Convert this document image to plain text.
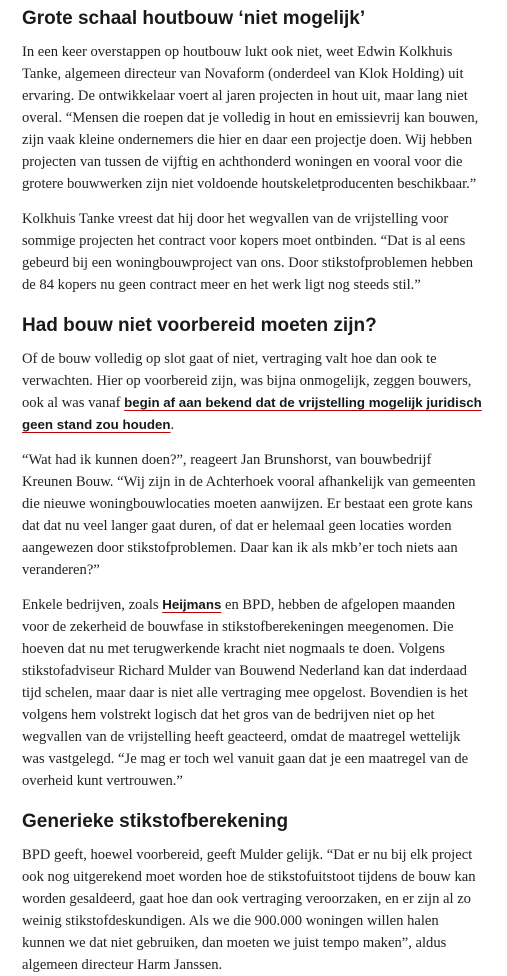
Grote schaal houtbouw ‘niet mogelijk’

In een keer overstappen op houtbouw lukt ook niet, weet Edwin Kolkhuis Tanke, algemeen directeur van Novaform (onderdeel van Klok Holding) uit ervaring. De ontwikkelaar voert al jaren projecten in hout uit, maar lang niet overal. “Mensen die roepen dat je volledig in hout en emissievrij kan bouwen, zijn vaak kleine ondernemers die hier en daar een projectje doen. Wij hebben projecten van tussen de vijftig en achthonderd woningen en vooral voor die grotere bouwwerken zijn niet voldoende houtskeletproducenten beschikbaar.”

Kolkhuis Tanke vreest dat hij door het wegvallen van de vrijstelling voor sommige projecten het contract voor kopers moet ontbinden. “Dat is al eens gebeurd bij een woningbouwproject van ons. Door stikstofproblemen hebben de 84 kopers nu geen contract meer en het werk ligt nog steeds stil.”

Had bouw niet voorbereid moeten zijn?

Of de bouw volledig op slot gaat of niet, vertraging valt hoe dan ook te verwachten. Hier op voorbereid zijn, was bijna onmogelijk, zeggen bouwers, ook al was vanaf begin af aan bekend dat de vrijstelling mogelijk juridisch geen stand zou houden.

“Wat had ik kunnen doen?”, reageert Jan Brunshorst, van bouwbedrijf Kreunen Bouw. “Wij zijn in de Achterhoek vooral afhankelijk van gemeenten die nieuwe woningbouwlocaties moeten aanwijzen. Er bestaat een grote kans dat dat nu veel langer gaat duren, of dat er helemaal geen locaties worden aangewezen door stikstofproblemen. Daar kan ik als mkb’er toch niets aan veranderen?”

Enkele bedrijven, zoals Heijmans en BPD, hebben de afgelopen maanden voor de zekerheid de bouwfase in stikstofberekeningen meegenomen. Die hoeven dat nu met terugwerkende kracht niet nogmaals te doen. Volgens stikstofadviseur Richard Mulder van Bouwend Nederland kan dat inderdaad tijd schelen, maar daar is niet alle vertraging mee opgelost. Bovendien is het volgens hem volstrekt logisch dat het gros van de bedrijven niet op het wegvallen van de vrijstelling heeft geacteerd, omdat de maatregel wettelijk was vastgelegd. “Je mag er toch wel vanuit gaan dat je een maatregel van de overheid kunt vertrouwen.”

Generieke stikstofberekening

BPD geeft, hoewel voorbereid, geeft Mulder gelijk. “Dat er nu bij elk project ook nog uitgerekend moet worden hoe de stikstofuitstoot tijdens de bouw kan worden gesaldeerd, gaat hoe dan ook vertraging veroorzaken, en er zijn al zo weinig stikstofdeskundigen. Als we die 900.000 woningen willen halen kunnen we dat niet gebruiken, dan moeten we juist tempo maken”, aldus algemeen directeur Harm Janssen.
